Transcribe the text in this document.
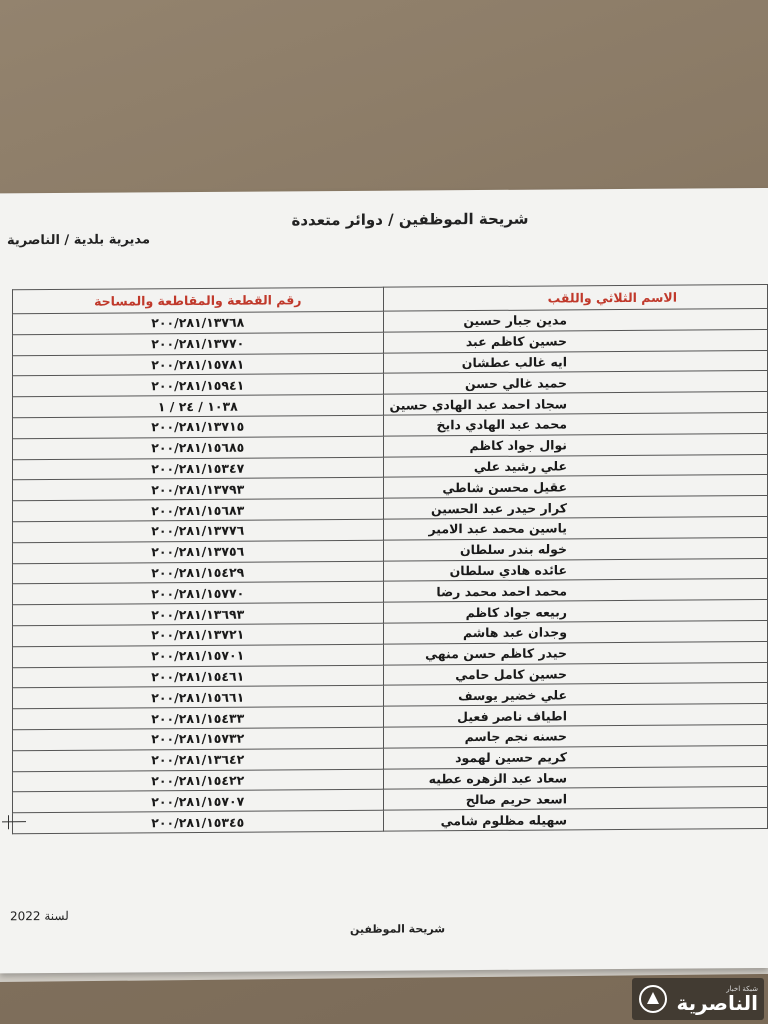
شريحة الموظفين / دوائر متعددة
مديرية بلدية / الناصرية
رقم القطعة والمقاطعة والمساحة	الاسم الثلاثي واللقب
٢٠٠/٢٨١/١٣٧٦٨	مدين جبار حسين
٢٠٠/٢٨١/١٣٧٧٠	حسين كاظم عبد
٢٠٠/٢٨١/١٥٧٨١	ايه غالب عطشان
٢٠٠/٢٨١/١٥٩٤١	حميد غالي حسن
١٠٣٨ / ٢٤ / ١	سجاد احمد عبد الهادي حسين
٢٠٠/٢٨١/١٣٧١٥	محمد عبد الهادي دايخ
٢٠٠/٢٨١/١٥٦٨٥	نوال جواد كاظم
٢٠٠/٢٨١/١٥٣٤٧	علي رشيد علي
٢٠٠/٢٨١/١٣٧٩٣	عقيل محسن شاطي
٢٠٠/٢٨١/١٥٦٨٣	كرار حيدر عبد الحسين
٢٠٠/٢٨١/١٣٧٧٦	ياسين محمد عبد الامير
٢٠٠/٢٨١/١٣٧٥٦	خوله بندر سلطان
٢٠٠/٢٨١/١٥٤٢٩	عائده هادي سلطان
٢٠٠/٢٨١/١٥٧٧٠	محمد احمد محمد رضا
٢٠٠/٢٨١/١٣٦٩٣	ربيعه جواد كاظم
٢٠٠/٢٨١/١٣٧٢١	وجدان عبد هاشم
٢٠٠/٢٨١/١٥٧٠١	حيدر كاظم حسن منهي
٢٠٠/٢٨١/١٥٤٦١	حسين كامل حامي
٢٠٠/٢٨١/١٥٦٦١	علي خضير يوسف
٢٠٠/٢٨١/١٥٤٣٣	اطياف ناصر فعيل
٢٠٠/٢٨١/١٥٧٣٢	حسنه نجم جاسم
٢٠٠/٢٨١/١٣٦٤٢	كريم حسين لهمود
٢٠٠/٢٨١/١٥٤٢٢	سعاد عبد الزهره عطيه
٢٠٠/٢٨١/١٥٧٠٧	اسعد حريم صالح
٢٠٠/٢٨١/١٥٣٤٥	سهيله مظلوم شامي
لسنة 2022
شريحة الموظفين
شبكة اخبار
الناصرية
